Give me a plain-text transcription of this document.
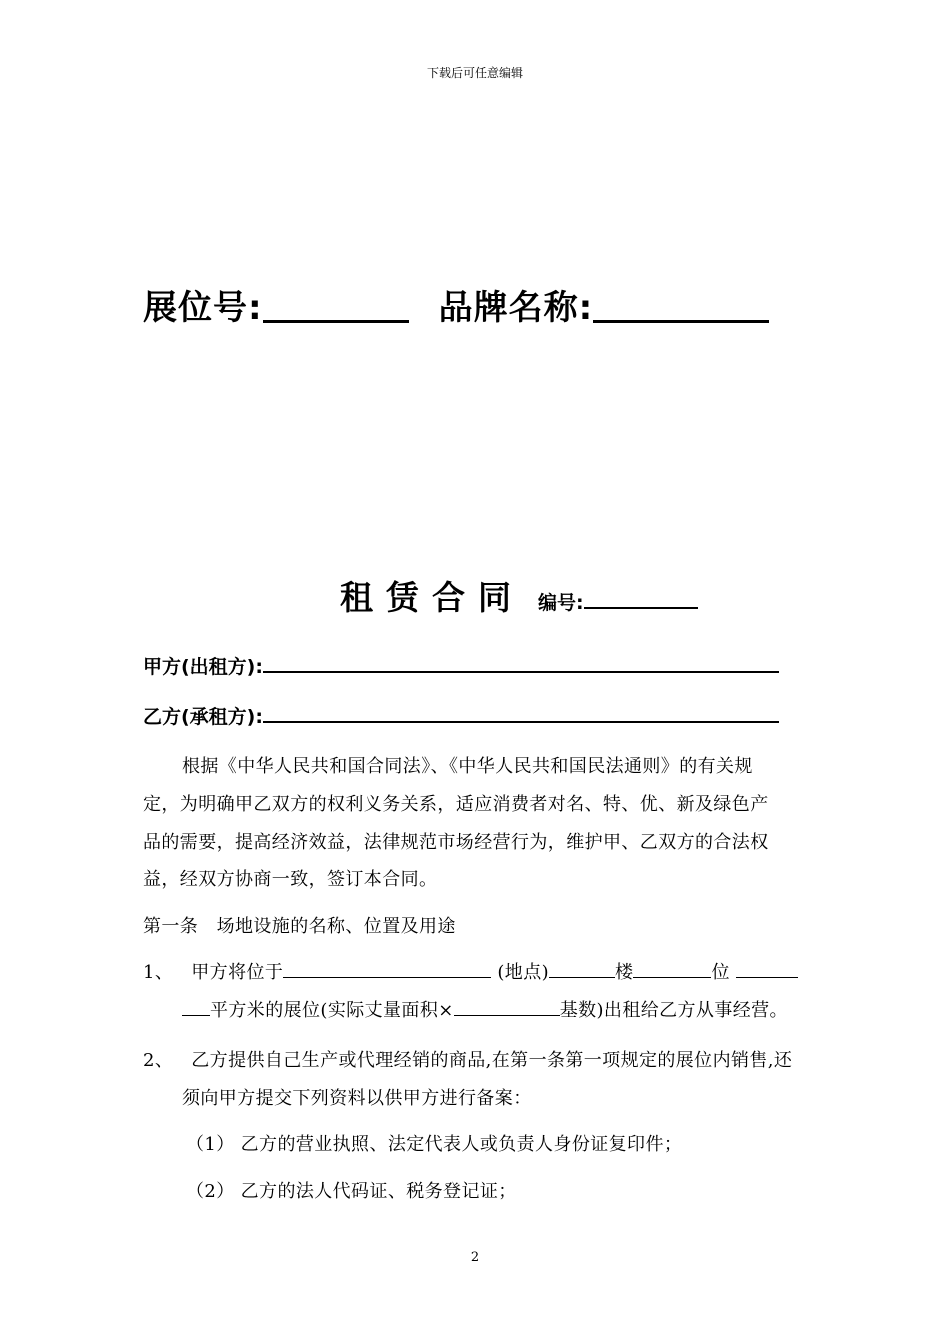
下载后可任意编辑
展位号:	品牌名称:
租赁合同 编号:
甲方(出租方):
乙方(承租方):
根据《中华人民共和国合同法》、《中华人民共和国民法通则》的有关规
定，为明确甲乙双方的权利义务关系，适应消费者对名、特、优、新及绿色产
品的需要，提高经济效益，法律规范市场经营行为，维护甲、乙双方的合法权
益，经双方协商一致，签订本合同。
第一条　场地设施的名称、位置及用途
1、 甲方将位于	(地点)	楼	位
平方米的展位(实际丈量面积×	基数)出租给乙方从事经营。
2、 乙方提供自己生产或代理经销的商品,在第一条第一项规定的展位内销售,还
须向甲方提交下列资料以供甲方进行备案：
（1） 乙方的营业执照、法定代表人或负责人身份证复印件；
（2） 乙方的法人代码证、税务登记证；
2
